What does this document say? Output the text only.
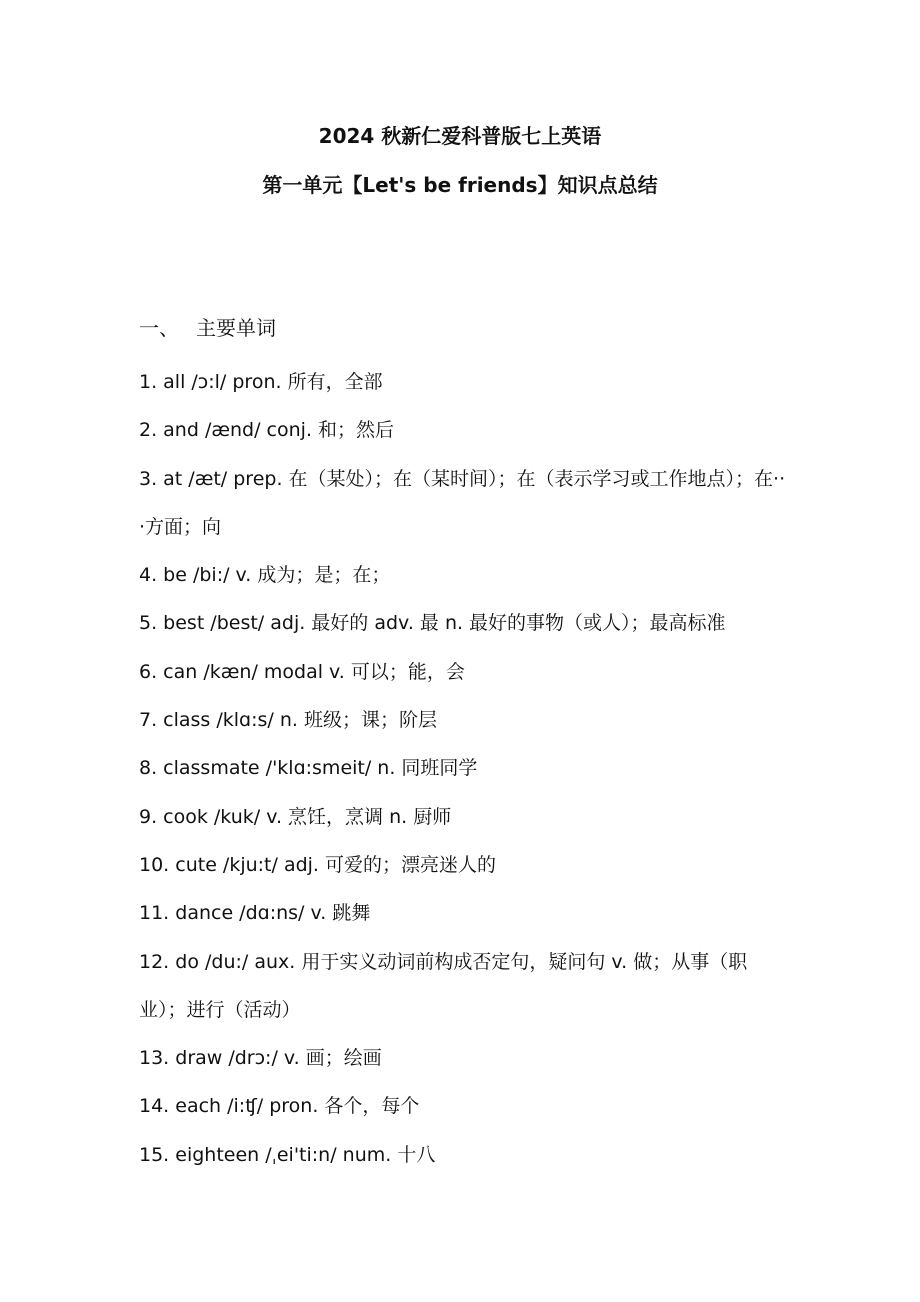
2024 秋新仁爱科普版七上英语
第一单元【Let's be friends】知识点总结
一、 主要单词
1. all /ɔ:l/ pron. 所有，全部
2. and /ænd/ conj. 和；然后
3. at /æt/ prep. 在（某处）；在（某时间）；在（表示学习或工作地点）；在···方面；向
4. be /bi:/ v. 成为；是；在；
5. best /best/ adj. 最好的 adv. 最 n. 最好的事物（或人）；最高标准
6. can /kæn/ modal v. 可以；能，会
7. class /klɑ:s/ n. 班级；课；阶层
8. classmate /'klɑ:smeit/ n. 同班同学
9. cook /kuk/ v. 烹饪，烹调 n. 厨师
10. cute /kju:t/ adj. 可爱的；漂亮迷人的
11. dance /dɑ:ns/ v. 跳舞
12. do /du:/ aux. 用于实义动词前构成否定句，疑问句 v. 做；从事（职业）；进行（活动）
13. draw /drɔ:/ v. 画；绘画
14. each /i:ʧ/ pron. 各个，每个
15. eighteen /ˌei'ti:n/ num. 十八
